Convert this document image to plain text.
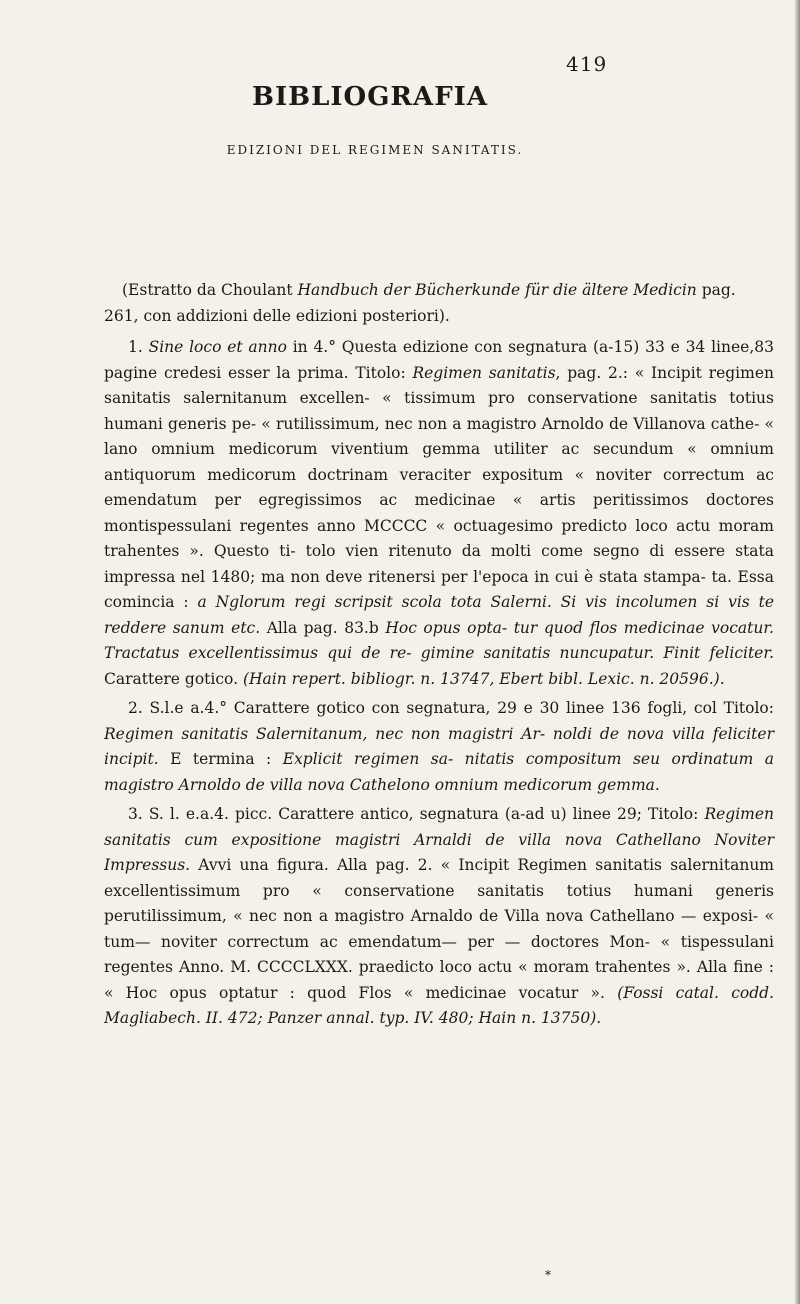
419
BIBLIOGRAFIA
EDIZIONI DEL REGIMEN SANITATIS.

(Estratto da Choulant Handbuch der Bücherkunde für die ältere Medicin pag. 261, con addizioni delle edizioni posteriori).

1. Sine loco et anno in 4.° Questa edizione con segnatura (a-15) 33 e 34 linee,83 pagine credesi esser la prima. Titolo: Regimen sanitatis, pag. 2.: « Incipit regimen sanitatis salernitanum excellen- « tissimum pro conservatione sanitatis totius humani generis pe- « rutilissimum, nec non a magistro Arnoldo de Villanova cathe- « lano omnium medicorum viventium gemma utiliter ac secundum « omnium antiquorum medicorum doctrinam veraciter expositum « noviter correctum ac emendatum per egregissimos ac medicinae « artis peritissimos doctores montispessulani regentes anno MCCCC « octuagesimo predicto loco actu moram trahentes ». Questo ti- tolo vien ritenuto da molti come segno di essere stata impressa nel 1480; ma non deve ritenersi per l'epoca in cui è stata stampa- ta. Essa comincia : a Nglorum regi scripsit scola tota Salerni. Si vis incolumen si vis te reddere sanum etc. Alla pag. 83.b Hoc opus opta- tur quod flos medicinae vocatur. Tractatus excellentissimus qui de re- gimine sanitatis nuncupatur. Finit feliciter. Carattere gotico. (Hain repert. bibliogr. n. 13747, Ebert bibl. Lexic. n. 20596.).

2. S.l.e a.4.° Carattere gotico con segnatura, 29 e 30 linee 136 fogli, col Titolo: Regimen sanitatis Salernitanum, nec non magistri Ar- noldi de nova villa feliciter incipit. E termina : Explicit regimen sa- nitatis compositum seu ordinatum a magistro Arnoldo de villa nova Cathelono omnium medicorum gemma.

3. S. l. e.a.4. picc. Carattere antico, segnatura (a-ad u) linee 29; Titolo: Regimen sanitatis cum expositione magistri Arnaldi de villa nova Cathellano Noviter Impressus. Avvi una figura. Alla pag. 2. « Incipit Regimen sanitatis salernitanum excellentissimum pro « conservatione sanitatis totius humani generis perutilissimum, « nec non a magistro Arnaldo de Villa nova Cathellano — exposi- « tum— noviter correctum ac emendatum— per — doctores Mon- « tispessulani regentes Anno. M. CCCCLXXX. praedicto loco actu « moram trahentes ». Alla fine : « Hoc opus optatur : quod Flos « medicinae vocatur ». (Fossi catal. codd. Magliabech. II. 472; Panzer annal. typ. IV. 480; Hain n. 13750).

*
